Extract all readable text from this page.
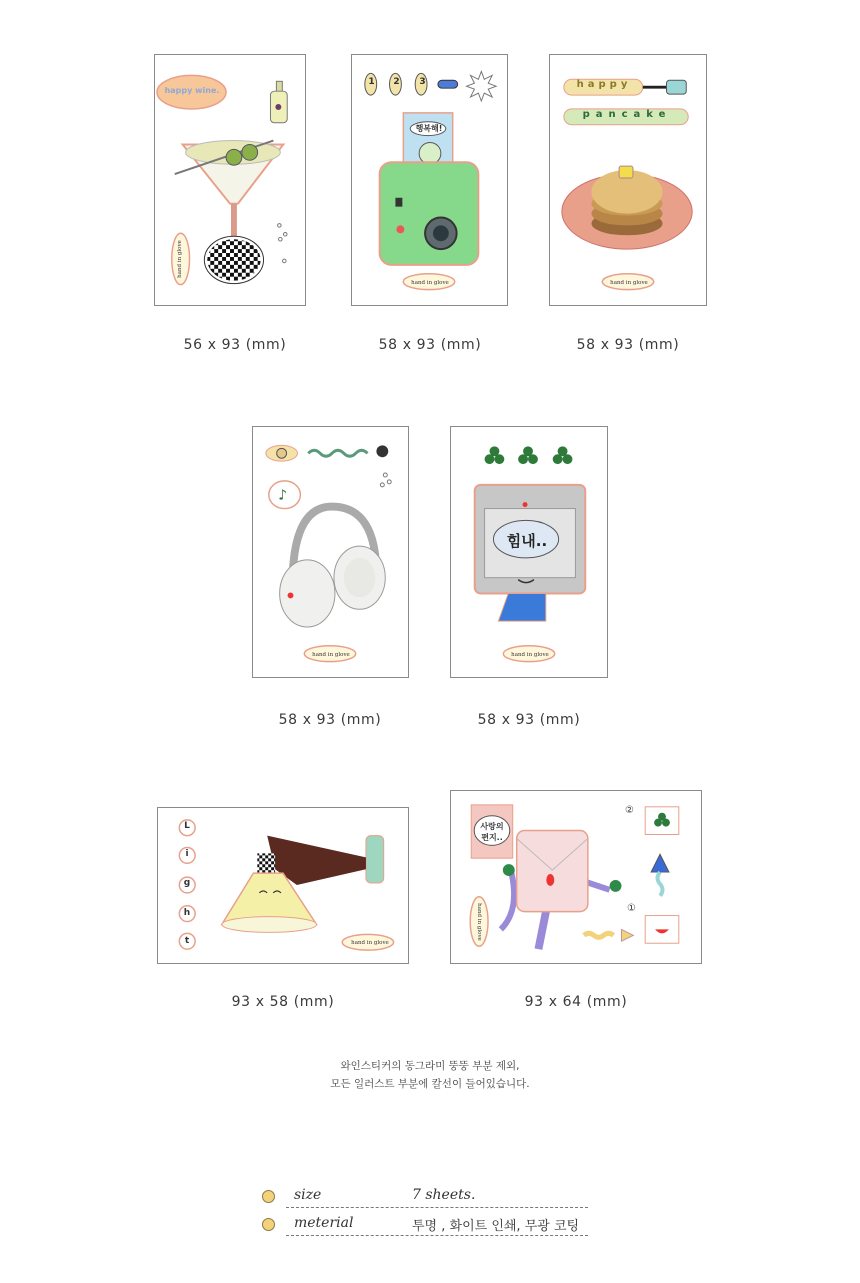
1 2 3
행복해!
hand in glove
happy
pancake
hand in glove
56 x 93 (mm)	58 x 93 (mm)	58 x 93 (mm)
♪
hand in glove
힘내..
hand in glove
58 x 93 (mm)	58 x 93 (mm)
L
i
g
h
t	hand in glove
사랑의
편지..
②
①
hand in glove
93 x 58 (mm)	93 x 64 (mm)
와인스티커의 동그라미 뚱뚱 부분 제외,
모든 일러스트 부분에 칼선이 들어있습니다.
size	7 sheets.
meterial	투명 , 화이트 인쇄, 무광 코팅
hand in glove
happy wine.
